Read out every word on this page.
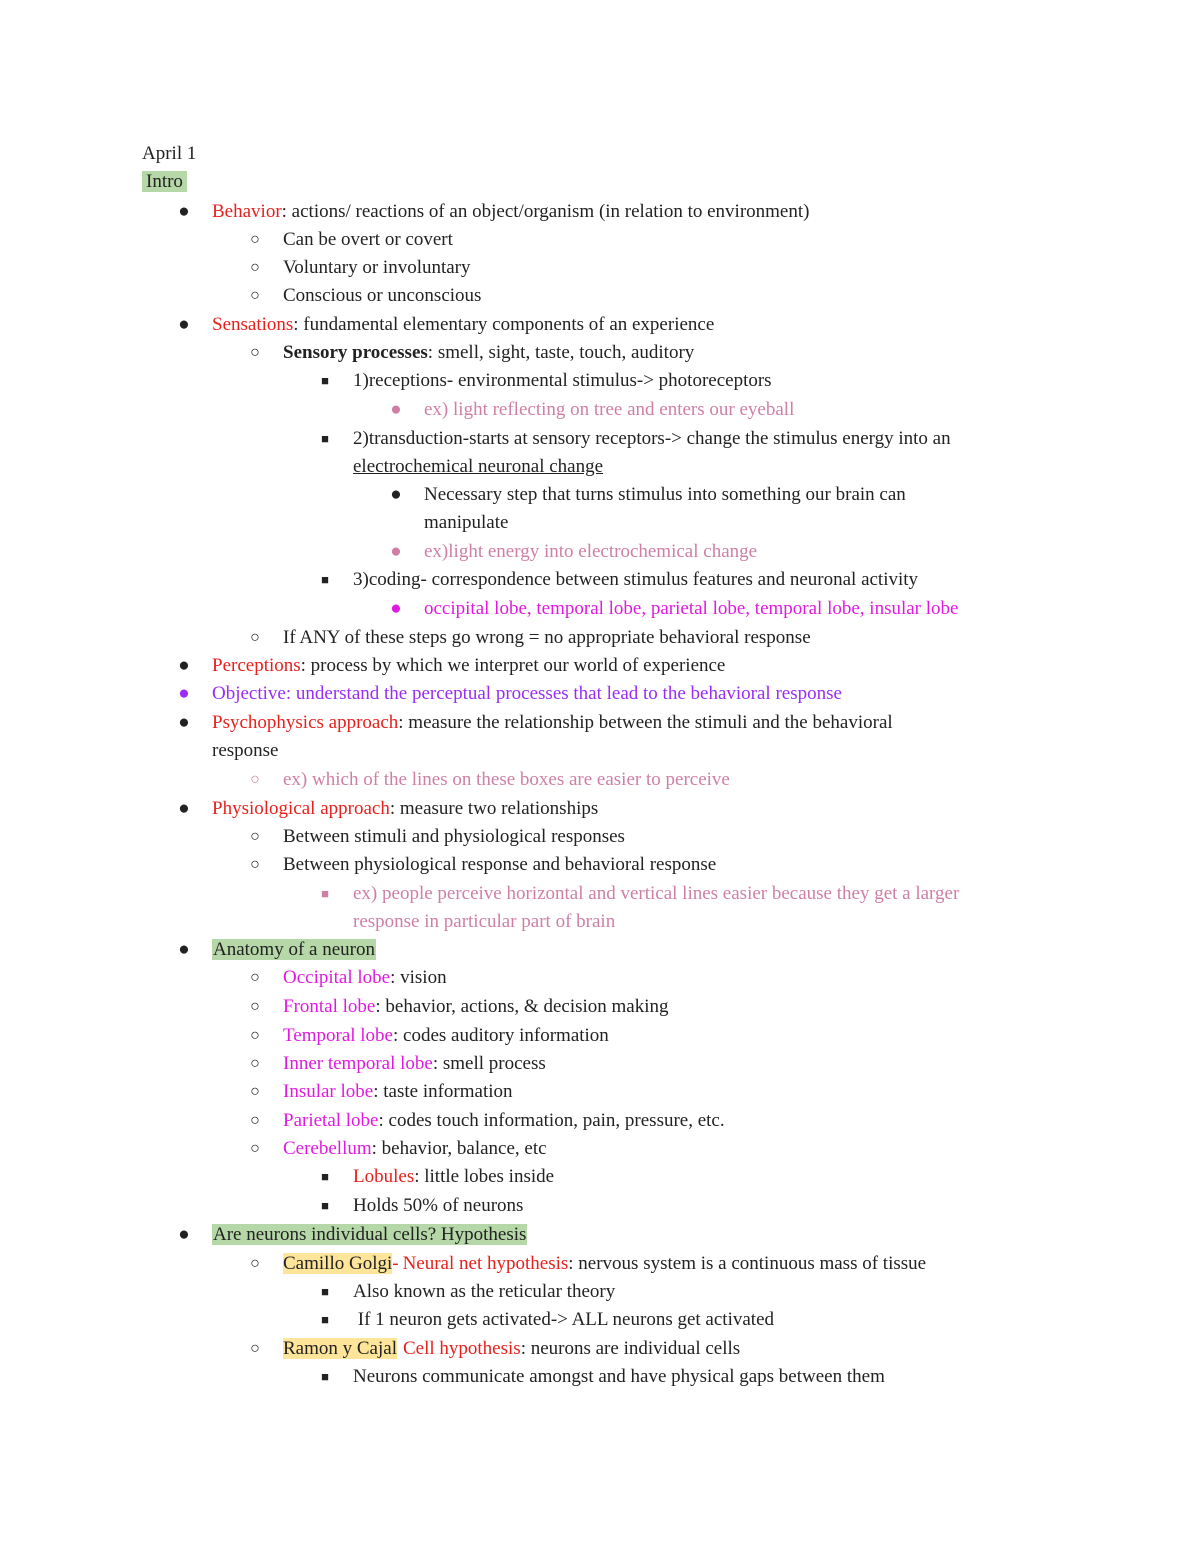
April 1
Intro
● Behavior: actions/ reactions of an object/organism (in relation to environment)
○ Can be overt or covert
○ Voluntary or involuntary
○ Conscious or unconscious
● Sensations: fundamental elementary components of an experience
○ Sensory processes: smell, sight, taste, touch, auditory
■	1)receptions- environmental stimulus-> photoreceptors
● ex) light reflecting on tree and enters our eyeball
■	2)transduction-starts at sensory receptors-> change the stimulus energy into an
electrochemical neuronal change
● Necessary step that turns stimulus into something our brain can
manipulate
● ex)light energy into electrochemical change
■	3)coding- correspondence between stimulus features and neuronal activity
● occipital lobe, temporal lobe, parietal lobe, temporal lobe, insular lobe
○ If ANY of these steps go wrong = no appropriate behavioral response
● Perceptions: process by which we interpret our world of experience
● Objective: understand the perceptual processes that lead to the behavioral response
● Psychophysics approach: measure the relationship between the stimuli and the behavioral
response
○ ex) which of the lines on these boxes are easier to perceive
● Physiological approach: measure two relationships
○ Between stimuli and physiological responses
○ Between physiological response and behavioral response
■	ex) people perceive horizontal and vertical lines easier because they get a larger
response in particular part of brain
● Anatomy of a neuron
○ Occipital lobe: vision
○ Frontal lobe: behavior, actions, & decision making
○ Temporal lobe: codes auditory information
○ Inner temporal lobe: smell process
○ Insular lobe: taste information
○ Parietal lobe: codes touch information, pain, pressure, etc.
○ Cerebellum: behavior, balance, etc
■	Lobules: little lobes inside
■	Holds 50% of neurons
● Are neurons individual cells? Hypothesis
○ Camillo Golgi- Neural net hypothesis: nervous system is a continuous mass of tissue
■	Also known as the reticular theory
■	If 1 neuron gets activated-> ALL neurons get activated
○ Ramon y Cajal Cell hypothesis: neurons are individual cells
■	Neurons communicate amongst and have physical gaps between them
